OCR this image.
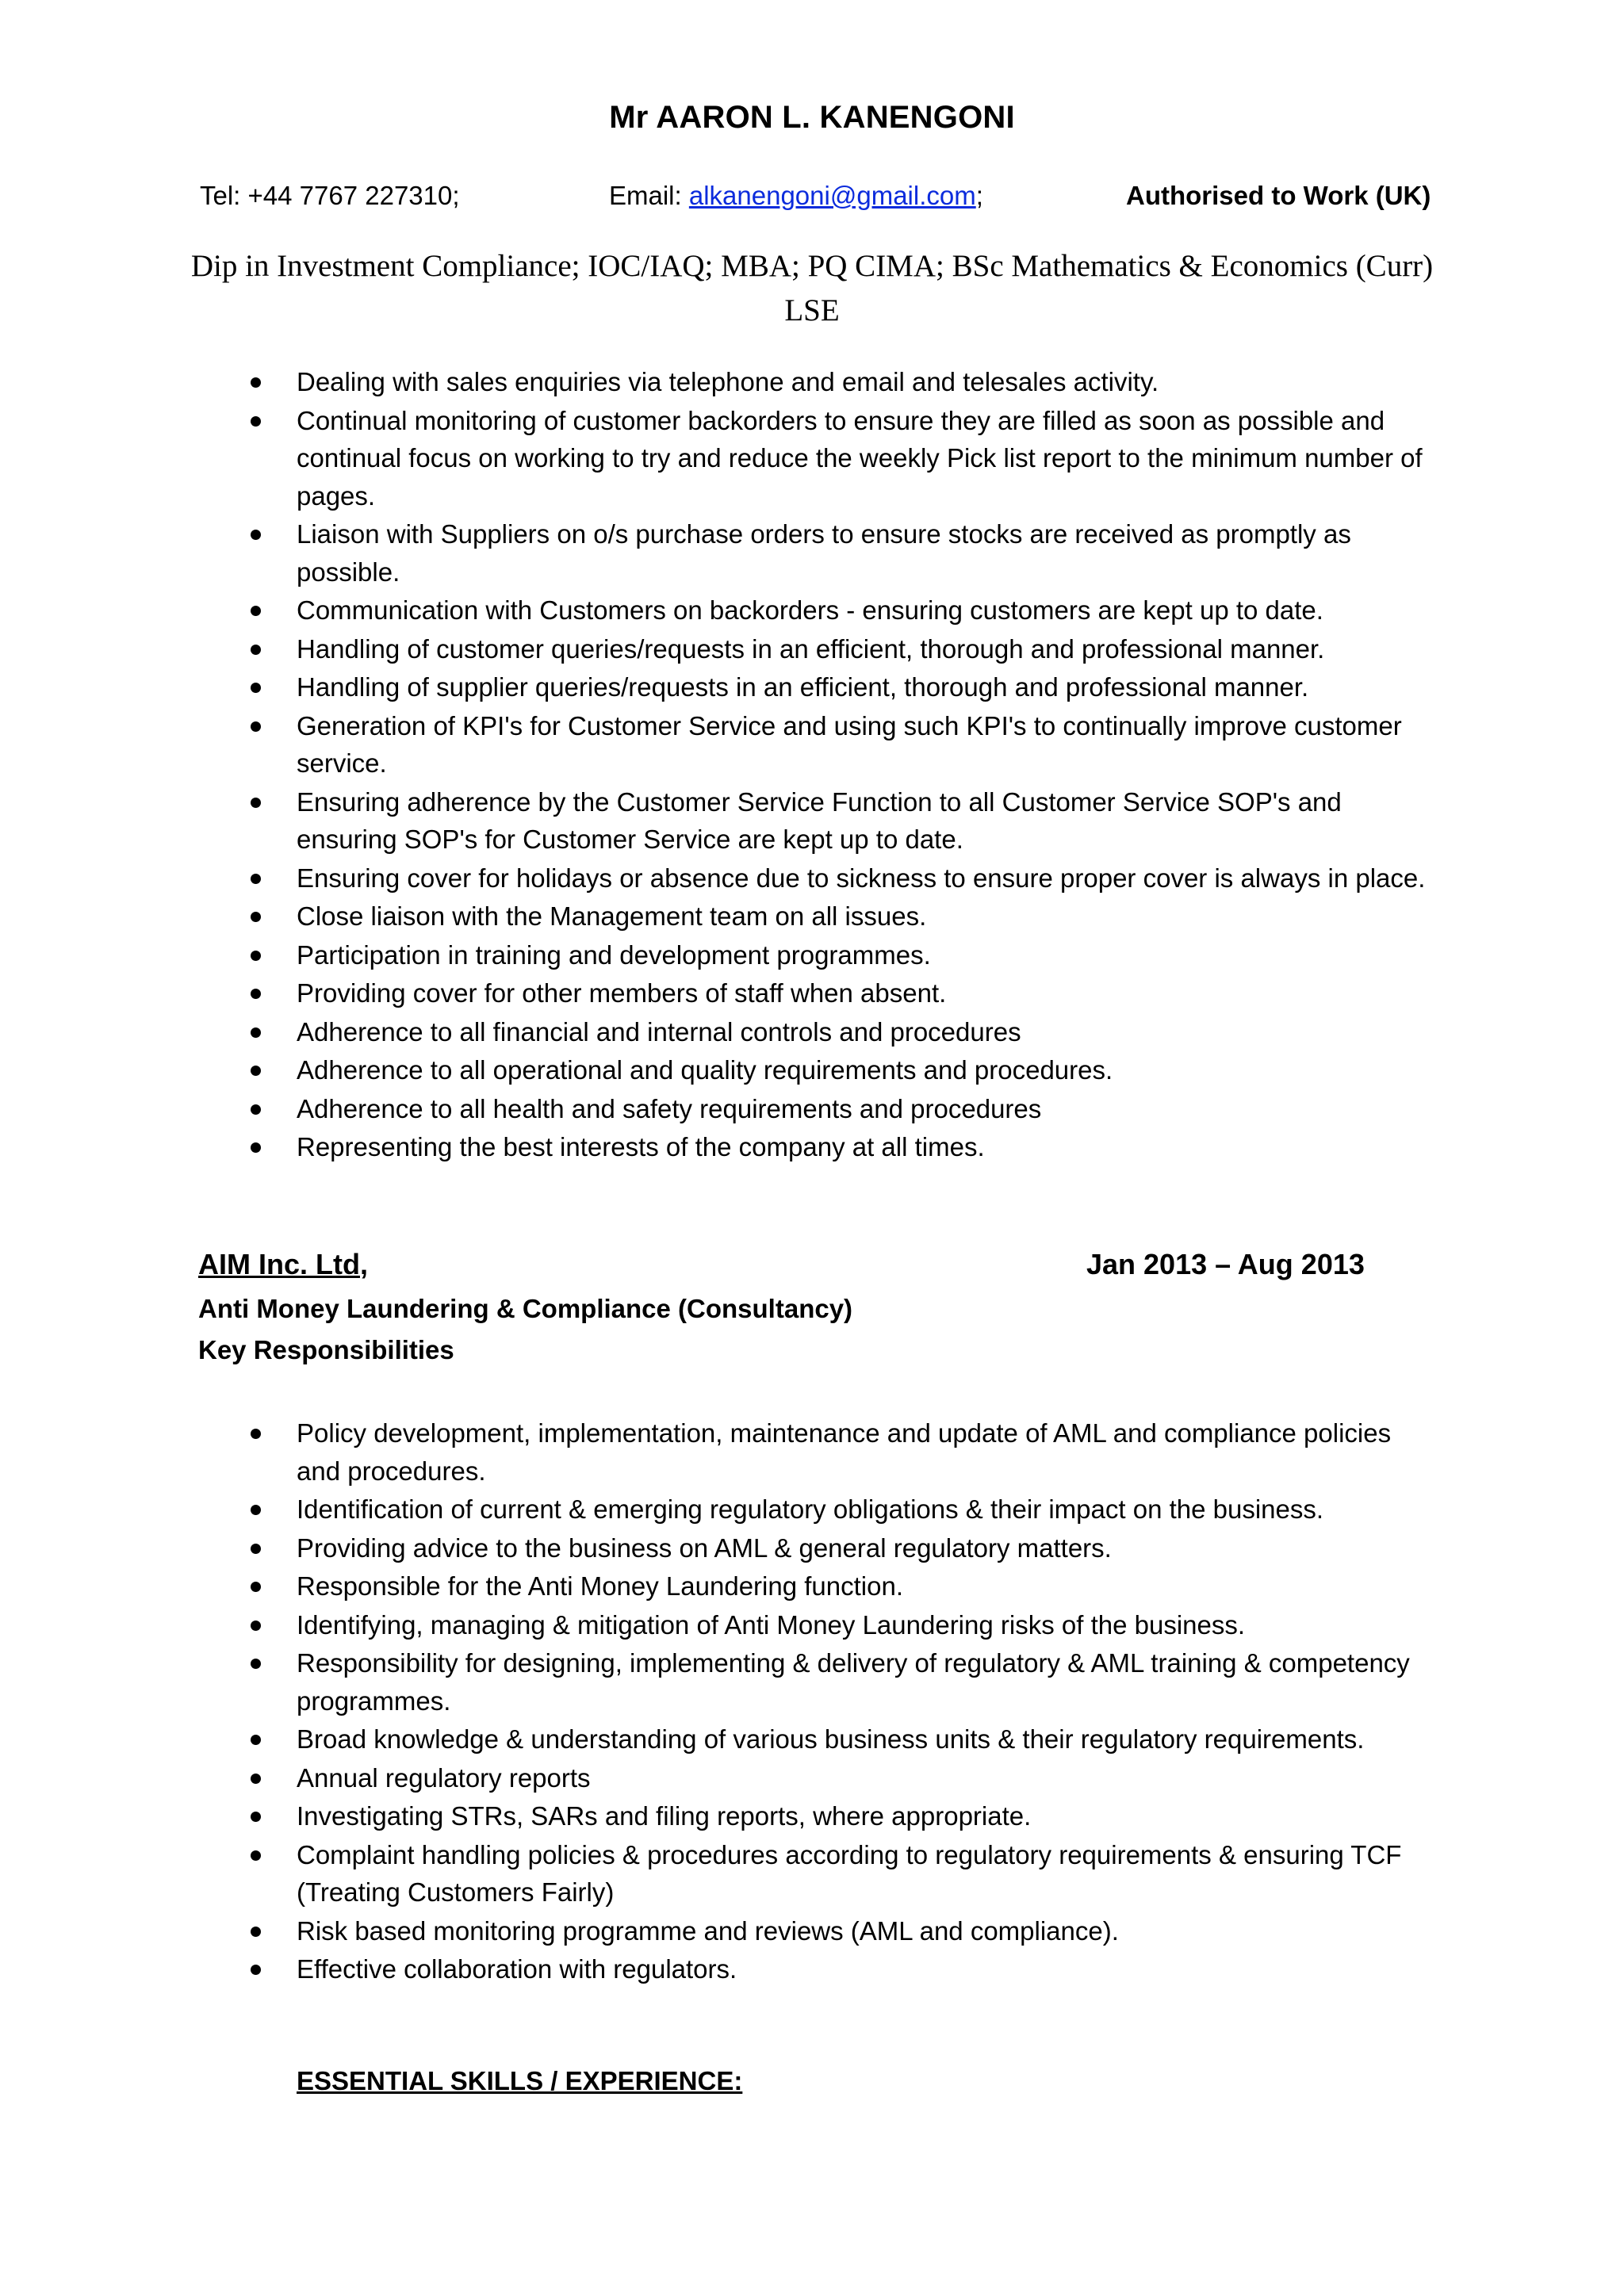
Mr AARON L. KANENGONI
Tel: +44 7767 227310;	Email: alkanengoni@gmail.com;	Authorised to Work (UK)
Dip in Investment Compliance; IOC/IAQ; MBA; PQ CIMA; BSc Mathematics & Economics (Curr) LSE
Dealing with sales enquiries via telephone and email and telesales activity.
Continual monitoring of customer backorders to ensure they are filled as soon as possible and continual focus on working to try and reduce the weekly Pick list report to the minimum number of pages.
Liaison with Suppliers on o/s purchase orders to ensure stocks are received as promptly as possible.
Communication with Customers on backorders - ensuring customers are kept up to date.
Handling of customer queries/requests in an efficient, thorough and professional manner.
Handling of supplier queries/requests in an efficient, thorough and professional manner.
Generation of KPI's for Customer Service and using such KPI's to continually improve customer service.
Ensuring adherence by the Customer Service Function to all Customer Service SOP's and ensuring SOP's for Customer Service are kept up to date.
Ensuring cover for holidays or absence due to sickness to ensure proper cover is always in place.
Close liaison with the Management team on all issues.
Participation in training and development programmes.
Providing cover for other members of staff when absent.
Adherence to all financial and internal controls and procedures
Adherence to all operational and quality requirements and procedures.
Adherence to all health and safety requirements and procedures
Representing the best interests of the company at all times.
AIM Inc. Ltd,	Jan 2013 – Aug 2013
Anti Money Laundering & Compliance (Consultancy)
Key Responsibilities
Policy development, implementation, maintenance and update of AML and compliance policies and procedures.
Identification of current & emerging regulatory obligations & their impact on the business.
Providing advice to the business on AML & general regulatory matters.
Responsible for the Anti Money Laundering function.
Identifying, managing & mitigation of Anti Money Laundering risks of the business.
Responsibility for designing, implementing & delivery of regulatory & AML training & competency programmes.
Broad knowledge & understanding of various business units & their regulatory requirements.
Annual regulatory reports
Investigating STRs, SARs and filing reports, where appropriate.
Complaint handling policies & procedures according to regulatory requirements & ensuring TCF (Treating Customers Fairly)
Risk based monitoring programme and reviews (AML and compliance).
Effective collaboration with regulators.
ESSENTIAL SKILLS / EXPERIENCE:
